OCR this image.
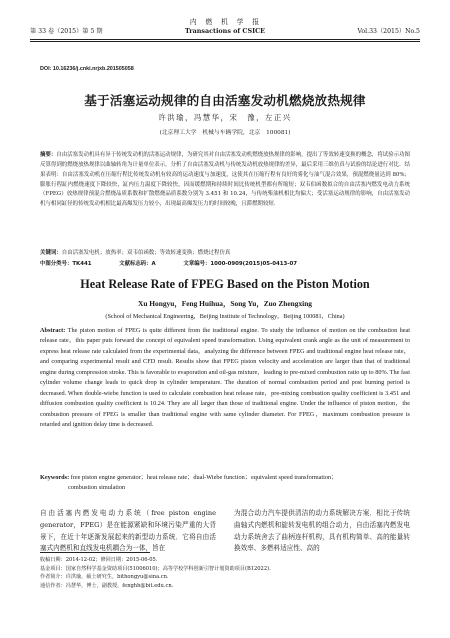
第 33 卷（2015）第 5 期
内　燃　机　学　报
Transactions of CSICE	Vol.33（2015）No.5
DOI: 10.16236/j.cnki.nrjxb.201505058
基于活塞运动规律的自由活塞发动机燃烧放热规律
许洪瑜，冯慧华，宋　豫，左正兴
(北京理工大学　机械与车辆学院，北京　100081)
摘要：自由活塞发动机具有异于传统发动机的活塞运动规律，为研究其对自由活塞发动机燃烧放热规律的影响，提出了等效转速变换的概念，将试验示功图反算得到的燃烧放热规律以曲轴转角为计量单位表示，分析了自由活塞发动机与传统发动机放热规律的差异，最后采用三维仿真与试验的结论进行对比．结果表明：自由活塞发动机在压缩行程比传统发动机有较高的运动速度与加速度，这使其在压缩行程有良好的雾化与油气混合效果，预混燃烧量达到 80%；膨胀行程缸内燃烧速度下降较快，缸内压力温度下降较快，因而缓燃期和持续时间比传统机型都有所缩短；双韦伯函数拟合的自由活塞内燃发电动力系统（FPEG）放热规律预混合燃烧品质系数和扩散燃烧品质系数分别为 3.451 和 10.24，与传统柴油机相比均偏大；受活塞运动规律的影响，自由活塞发动机与相同缸径的传统发动机相比最高爆发压力较小，出现最高爆发压力的时间较晚，且滞燃期较短．
关键词：自由活塞发电机；放热率；双韦伯函数；等效转速变换；燃烧过程仿真
中图分类号：TK441	文献标志码：A	文章编号：1000-0909(2015)05-0413-07
Heat Release Rate of FPEG Based on the Piston Motion
Xu Hongyu，Feng Huihua，Song Yu，Zuo Zhengxing
(School of Mechanical Engineering，Beijing Institute of Technology，Beijing 100081，China)
Abstract: The piston motion of FPEG is quite different from the traditional engine. To study the influence of motion on the combustion heat release rate，this paper puts forward the concept of equivalent speed transformation. Using equivalent crank angle as the unit of measurement to express heat release rate calculated from the experimental data，analyzing the difference between FPEG and traditional engine heat release rate，and comparing experimental result and CFD result. Results show that FPEG piston velocity and acceleration are larger than that of traditional engine during compression stroke. This is favorable to evaporation and oil-gas mixture，leading to pre-mixed combustion ratio up to 80%. The fast cylinder volume change leads to quick drop in cylinder temperature. The duration of normal combustion period and post burning period is decreased. When double-wiebe function is used to calculate combustion heat release rate，pre-mixing combustion quality coefficient is 3.451 and diffusion combustion quality coefficient is 10.24. They are all larger than those of traditional engine. Under the influence of piston motion，the combustion pressure of FPEG is smaller than traditional engine with same cylinder diameter. For FPEG，maximum combustion pressure is retarded and ignition delay time is decreased.
Keywords: free piston engine generator；heat release rate；dual-Wiebe function；equivalent speed transformation；
combustion simulation
自由活塞内燃发电动力系统（free piston engine generator，FPEG）是在能源紧缺和环境污染严重的大背景下，在近十年逐渐发展起来的新型动力系统．它将自由活塞式内燃机和直线发电机耦合为一体，旨在
为混合动力汽车提供清洁的动力系统解决方案．相比于传统曲轴式内燃机和旋转发电机的组合动力，自由活塞内燃发电动力系统舍去了曲柄连杆机构，具有机构简单、高的能量转换效率、多燃料适应性、高的
收稿日期：2014-12-02；修回日期：2015-06-05.
基金项目：国家自然科学基金资助项目(51006010)；高等学校学科创新引智计划资助项目(B12022).
作者简介：许洪瑜，硕士研究生，bithongyu@sina.cn.
通信作者：冯慧华，博士，副教授，fenghh@bit.edu.cn.
